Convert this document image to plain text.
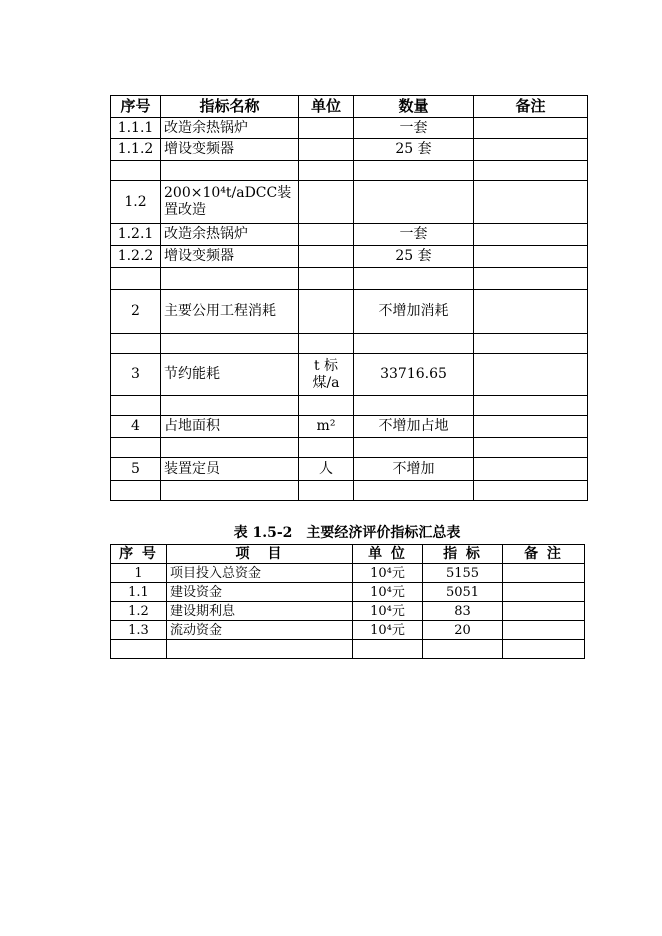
序号	指标名称	单位	数量	备注
1.1.1	改造余热锅炉		一套	
1.1.2	增设变频器		25 套	

1.2	200×10⁴t/aDCC装置改造			
1.2.1	改造余热锅炉		一套	
1.2.2	增设变频器		25 套	

2	主要公用工程消耗		不增加消耗	

3	节约能耗	t 标煤/a	33716.65	

4	占地面积	m²	不增加占地	

5	装置定员	人	不增加	

表 1.5-2　主要经济评价指标汇总表
序 号	项　目	单 位	指 标	备 注
1	项目投入总资金	10⁴元	5155	
1.1	建设资金	10⁴元	5051	
1.2	建设期利息	10⁴元	83	
1.3	流动资金	10⁴元	20	
